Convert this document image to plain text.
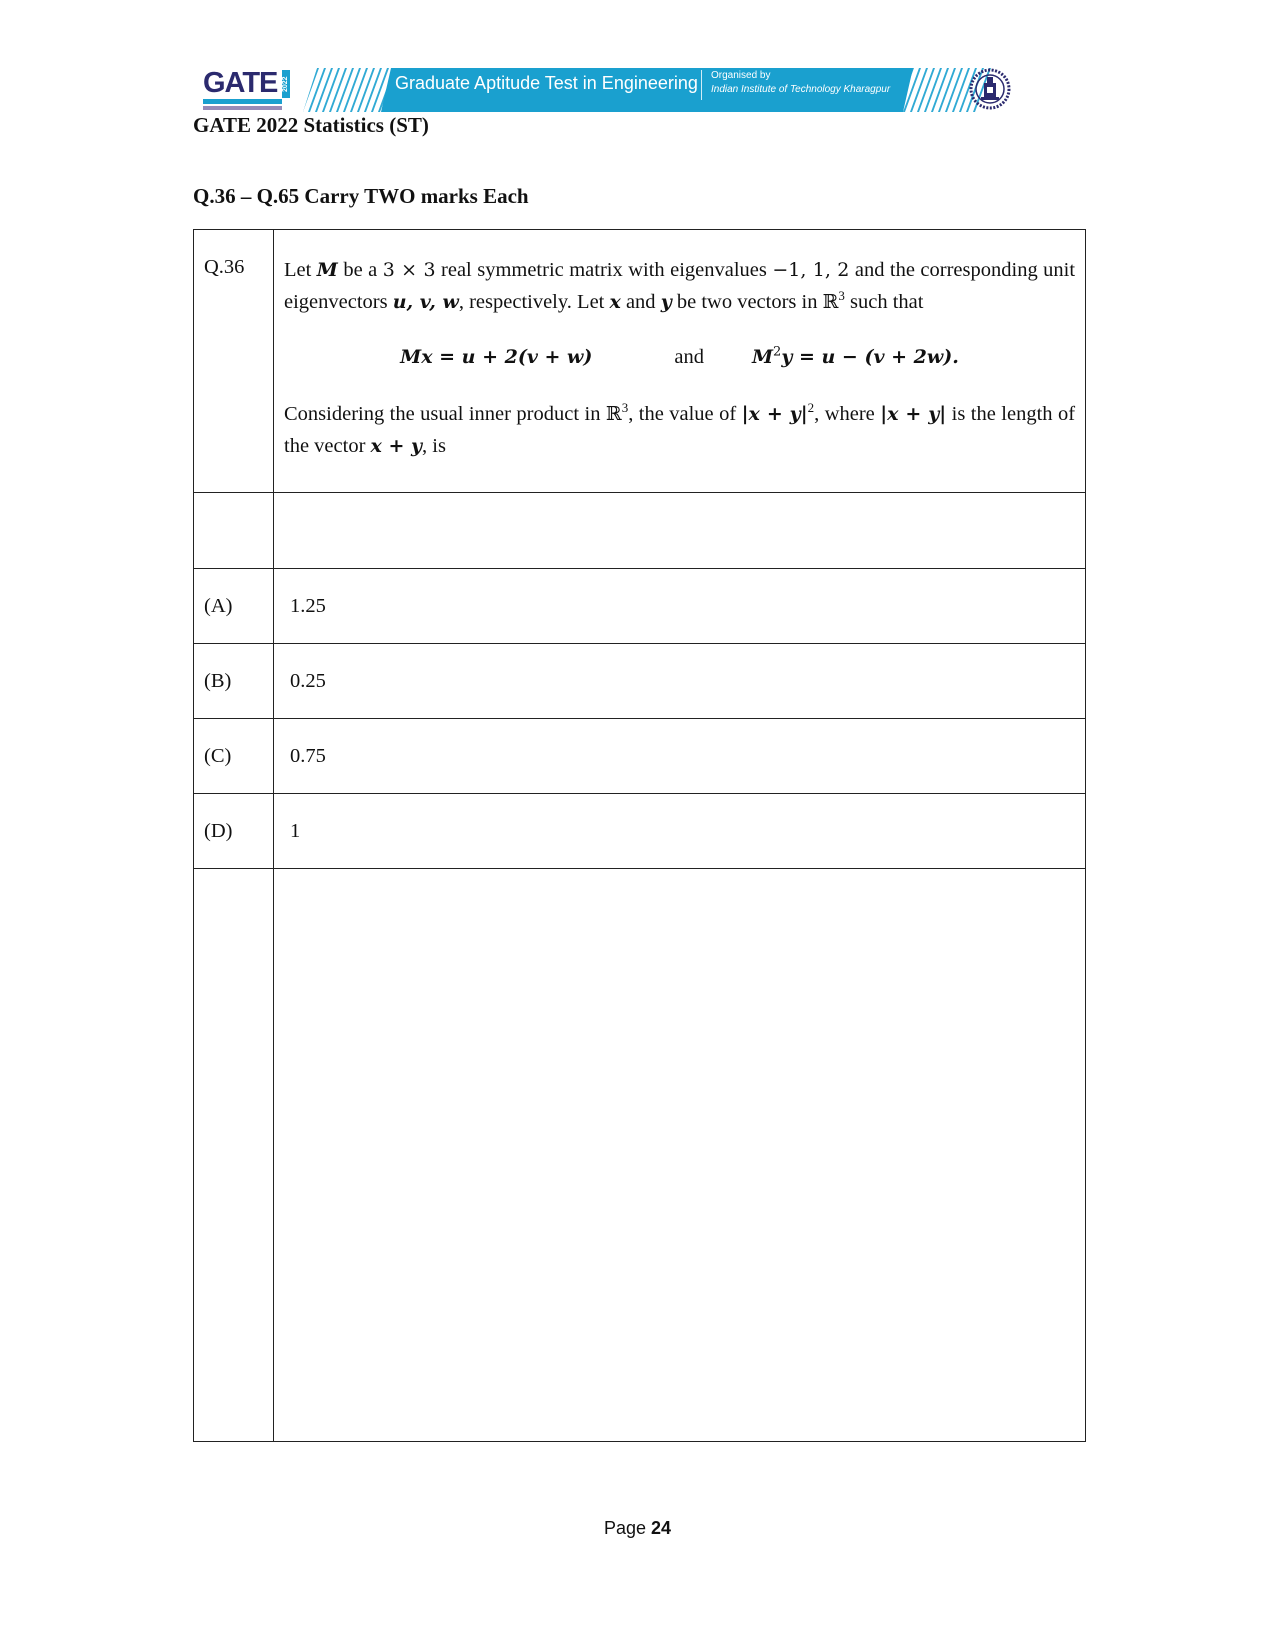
GATE 2022	Graduate Aptitude Test in Engineering Organised by
Indian Institute of Technology Kharagpur
GATE 2022 Statistics (ST)
Q.36 – Q.65 Carry TWO marks Each
Q.36	Let M be a 3 × 3 real symmetric matrix with eigenvalues −1, 1, 2 and the corresponding unit eigenvectors u, v, w, respectively. Let x and y be two vectors in ℝ$^3$ such that

Mx = u + 2(v + w) and $M^2y = u - (v + 2w)$.

Considering the usual inner product in ℝ$^3$, the value of $|x + y|^2$, where |x + y| is the length of the vector x + y, is

(A)	1.25
(B)	0.25
(C)	0.75
(D)	1

Page 24
